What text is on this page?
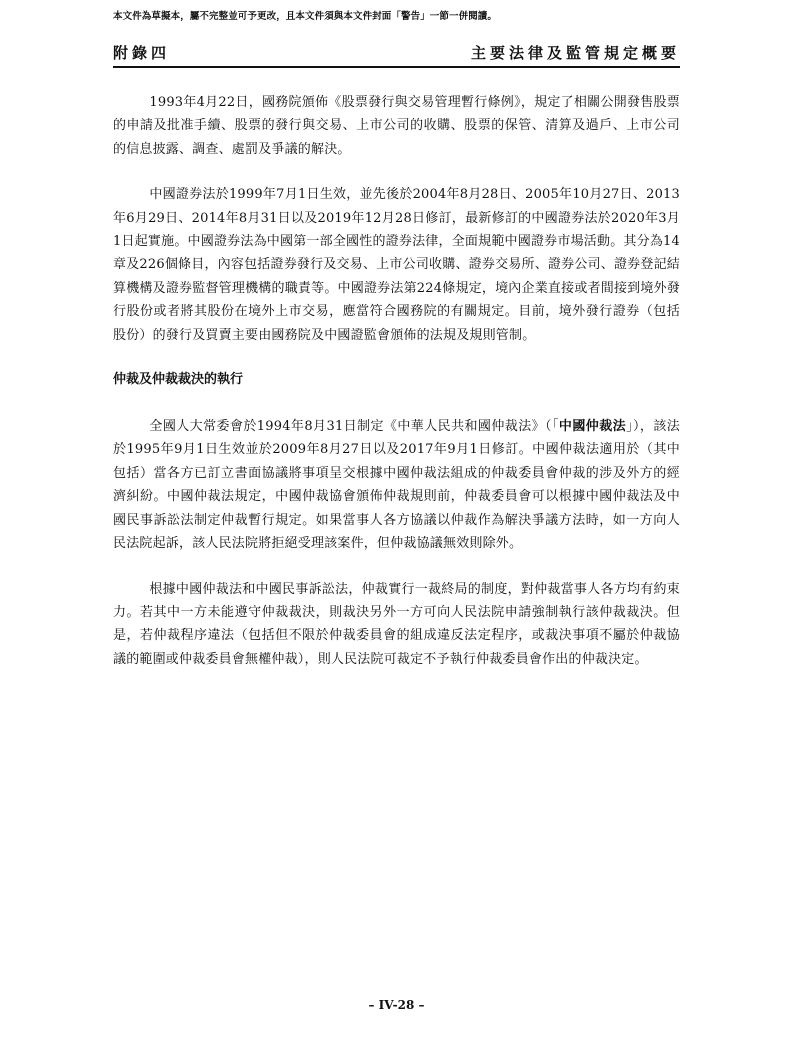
本文件為草擬本，屬不完整並可予更改，且本文件須與本文件封面「警告」一節一併閱讀。
附錄四	主要法律及監管規定概要

1993年4月22日，國務院頒佈《股票發行與交易管理暫行條例》，規定了相關公開發售股票的申請及批准手續、股票的發行與交易、上市公司的收購、股票的保管、清算及過戶、上市公司的信息披露、調查、處罰及爭議的解決。

中國證券法於1999年7月1日生效，並先後於2004年8月28日、2005年10月27日、2013年6月29日、2014年8月31日以及2019年12月28日修訂，最新修訂的中國證券法於2020年3月1日起實施。中國證券法為中國第一部全國性的證券法律，全面規範中國證券市場活動。其分為14章及226個條目，內容包括證券發行及交易、上市公司收購、證券交易所、證券公司、證券登記結算機構及證券監督管理機構的職責等。中國證券法第224條規定，境內企業直接或者間接到境外發行股份或者將其股份在境外上市交易，應當符合國務院的有關規定。目前，境外發行證券（包括股份）的發行及買賣主要由國務院及中國證監會頒佈的法規及規則管制。

仲裁及仲裁裁決的執行

全國人大常委會於1994年8月31日制定《中華人民共和國仲裁法》（「中國仲裁法」），該法於1995年9月1日生效並於2009年8月27日以及2017年9月1日修訂。中國仲裁法適用於（其中包括）當各方已訂立書面協議將事項呈交根據中國仲裁法組成的仲裁委員會仲裁的涉及外方的經濟糾紛。中國仲裁法規定，中國仲裁協會頒佈仲裁規則前，仲裁委員會可以根據中國仲裁法及中國民事訴訟法制定仲裁暫行規定。如果當事人各方協議以仲裁作為解決爭議方法時，如一方向人民法院起訴，該人民法院將拒絕受理該案件，但仲裁協議無效則除外。

根據中國仲裁法和中國民事訴訟法，仲裁實行一裁終局的制度，對仲裁當事人各方均有約束力。若其中一方未能遵守仲裁裁決，則裁決另外一方可向人民法院申請強制執行該仲裁裁決。但是，若仲裁程序違法（包括但不限於仲裁委員會的組成違反法定程序，或裁決事項不屬於仲裁協議的範圍或仲裁委員會無權仲裁），則人民法院可裁定不予執行仲裁委員會作出的仲裁決定。

– IV-28 –
